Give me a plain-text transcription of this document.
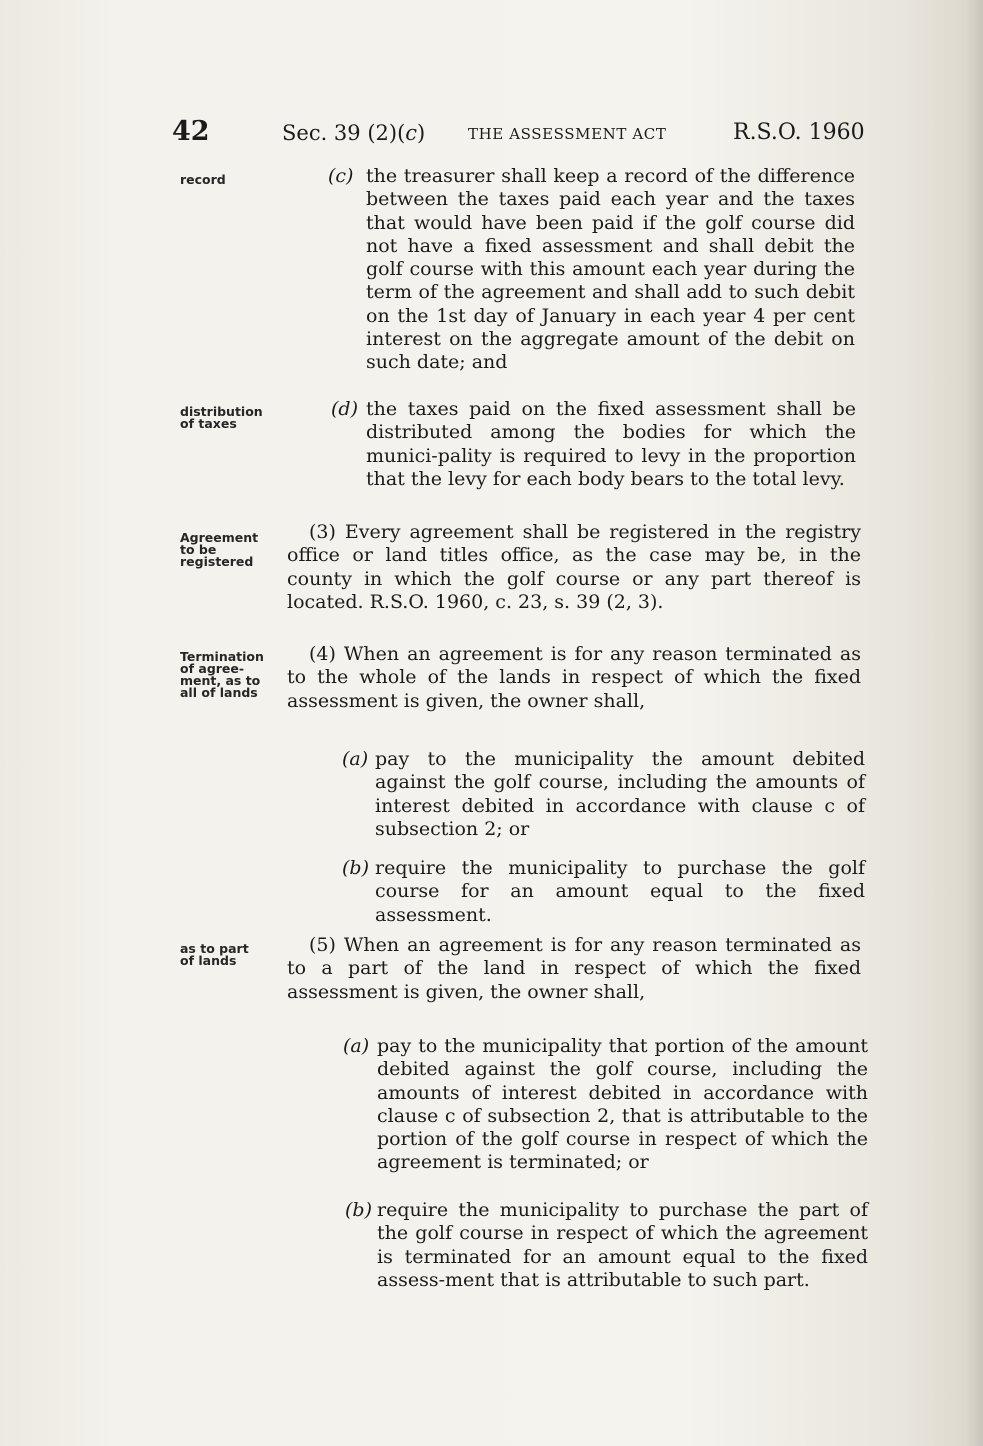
42	Sec. 39 (2)(c)	THE ASSESSMENT ACT	R.S.O. 1960
record
distribution of taxes
Agreement to be registered
Termination of agree-ment, as to all of lands
as to part of lands
(c) the treasurer shall keep a record of the difference between the taxes paid each year and the taxes that would have been paid if the golf course did not have a fixed assessment and shall debit the golf course with this amount each year during the term of the agreement and shall add to such debit on the 1st day of January in each year 4 per cent interest on the aggregate amount of the debit on such date; and
(d) the taxes paid on the fixed assessment shall be distributed among the bodies for which the munici-pality is required to levy in the proportion that the levy for each body bears to the total levy.
(3) Every agreement shall be registered in the registry office or land titles office, as the case may be, in the county in which the golf course or any part thereof is located. R.S.O. 1960, c. 23, s. 39 (2, 3).
(4) When an agreement is for any reason terminated as to the whole of the lands in respect of which the fixed assessment is given, the owner shall,
(a) pay to the municipality the amount debited against the golf course, including the amounts of interest debited in accordance with clause c of subsection 2; or
(b) require the municipality to purchase the golf course for an amount equal to the fixed assessment.
(5) When an agreement is for any reason terminated as to a part of the land in respect of which the fixed assessment is given, the owner shall,
(a) pay to the municipality that portion of the amount debited against the golf course, including the amounts of interest debited in accordance with clause c of subsection 2, that is attributable to the portion of the golf course in respect of which the agreement is terminated; or
(b) require the municipality to purchase the part of the golf course in respect of which the agreement is terminated for an amount equal to the fixed assess-ment that is attributable to such part.
